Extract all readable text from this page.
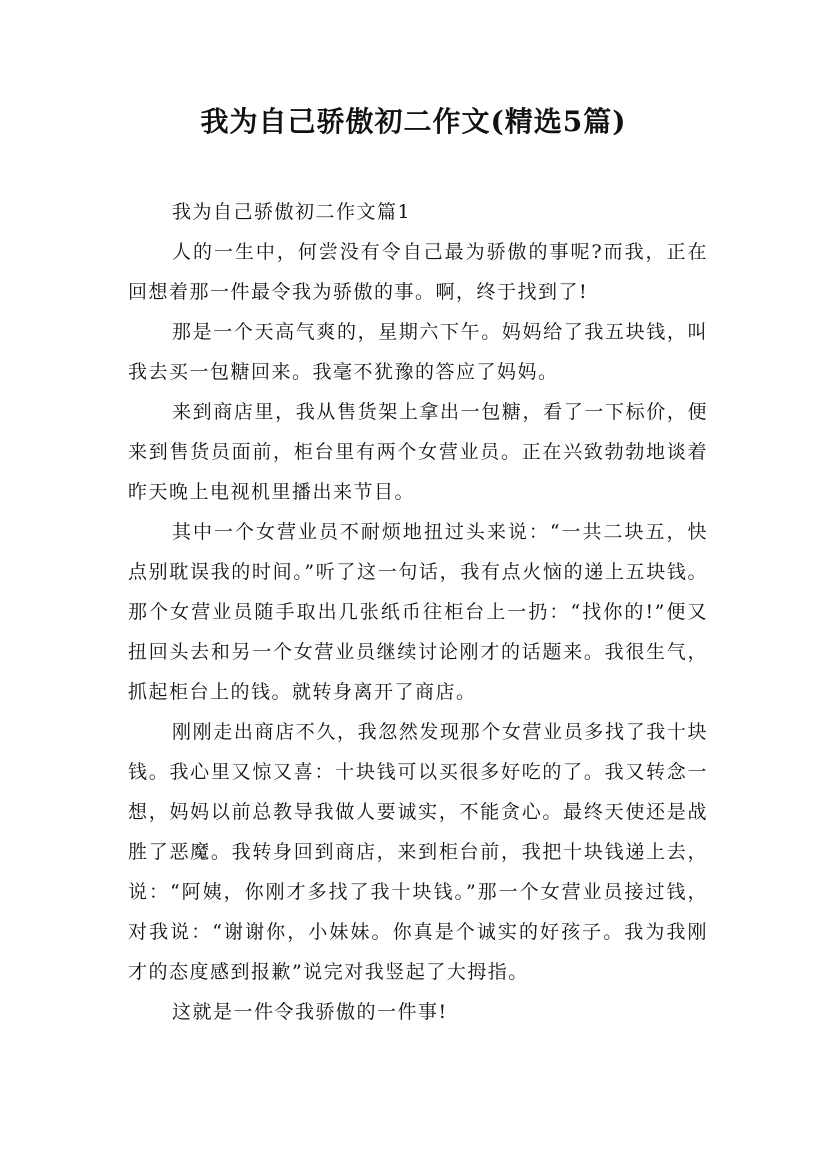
我为自己骄傲初二作文(精选5篇)

我为自己骄傲初二作文篇1

人的一生中，何尝没有令自己最为骄傲的事呢?而我，正在回想着那一件最令我为骄傲的事。啊，终于找到了!

那是一个天高气爽的，星期六下午。妈妈给了我五块钱，叫我去买一包糖回来。我毫不犹豫的答应了妈妈。

来到商店里，我从售货架上拿出一包糖，看了一下标价，便来到售货员面前，柜台里有两个女营业员。正在兴致勃勃地谈着昨天晚上电视机里播出来节目。

其中一个女营业员不耐烦地扭过头来说：“一共二块五，快点别耽误我的时间。”听了这一句话，我有点火恼的递上五块钱。那个女营业员随手取出几张纸币往柜台上一扔：“找你的!”便又扭回头去和另一个女营业员继续讨论刚才的话题来。我很生气，抓起柜台上的钱。就转身离开了商店。

刚刚走出商店不久，我忽然发现那个女营业员多找了我十块钱。我心里又惊又喜：十块钱可以买很多好吃的了。我又转念一想，妈妈以前总教导我做人要诚实，不能贪心。最终天使还是战胜了恶魔。我转身回到商店，来到柜台前，我把十块钱递上去，说：“阿姨，你刚才多找了我十块钱。”那一个女营业员接过钱，对我说：“谢谢你，小妹妹。你真是个诚实的好孩子。我为我刚才的态度感到报歉”说完对我竖起了大拇指。

这就是一件令我骄傲的一件事!
